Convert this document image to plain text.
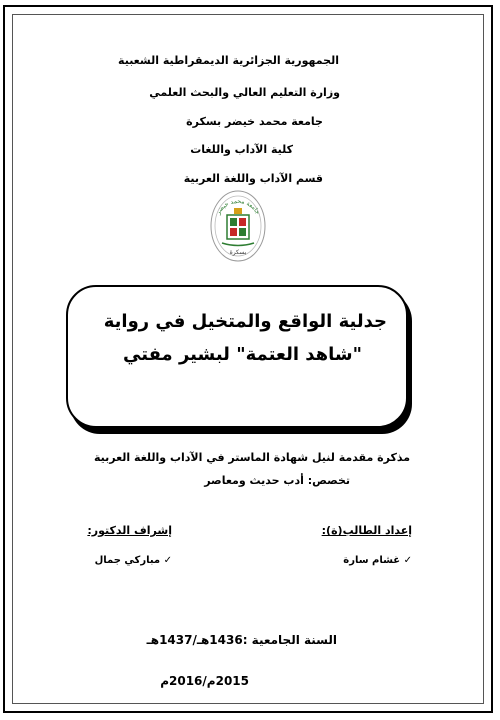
الجمهورية الجزائرية الديمقراطية الشعبية
وزارة التعليم العالي والبحث العلمي
جامعة محمد خيضر بسكرة
كلية الآداب واللغات
قسم الآداب واللغة العربية
جامعة محمد خيضر
بسكرة
جدلية الواقع والمتخيل في رواية
"شاهد العتمة" لبشير مفتي
مذكرة مقدمة لنيل شهادة الماستر في الآداب واللغة العربية
تخصص: أدب حديث ومعاصر
إعداد الطالب(ة):
✓ غشام سارة
إشراف الدكتور:
✓ مباركي جمال
السنة الجامعية :1436هـ/1437هـ
2015م/2016م
